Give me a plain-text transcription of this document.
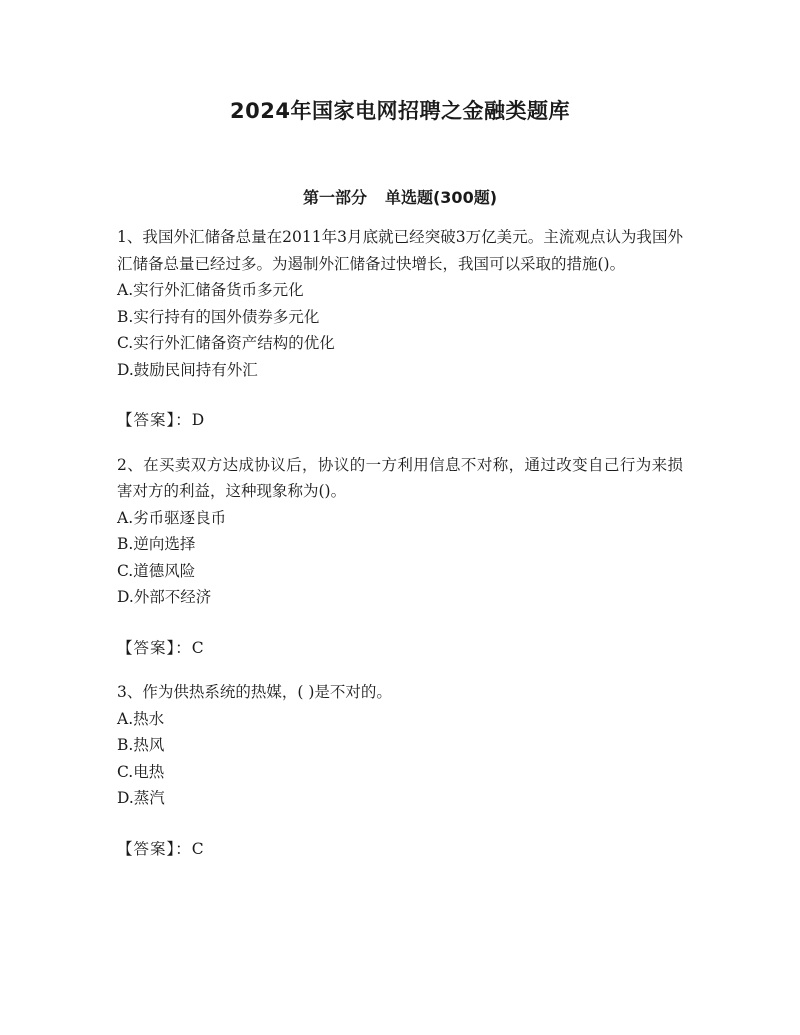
2024年国家电网招聘之金融类题库
第一部分 单选题(300题)

1、我国外汇储备总量在2011年3月底就已经突破3万亿美元。主流观点认为我国外汇储备总量已经过多。为遏制外汇储备过快增长，我国可以采取的措施()。

A.实行外汇储备货币多元化

B.实行持有的国外债券多元化

C.实行外汇储备资产结构的优化

D.鼓励民间持有外汇

【答案】：D

2、在买卖双方达成协议后，协议的一方利用信息不对称，通过改变自己行为来损害对方的利益，这种现象称为()。

A.劣币驱逐良币

B.逆向选择

C.道德风险

D.外部不经济

【答案】：C

3、作为供热系统的热媒，( )是不对的。

A.热水

B.热风

C.电热

D.蒸汽

【答案】：C
